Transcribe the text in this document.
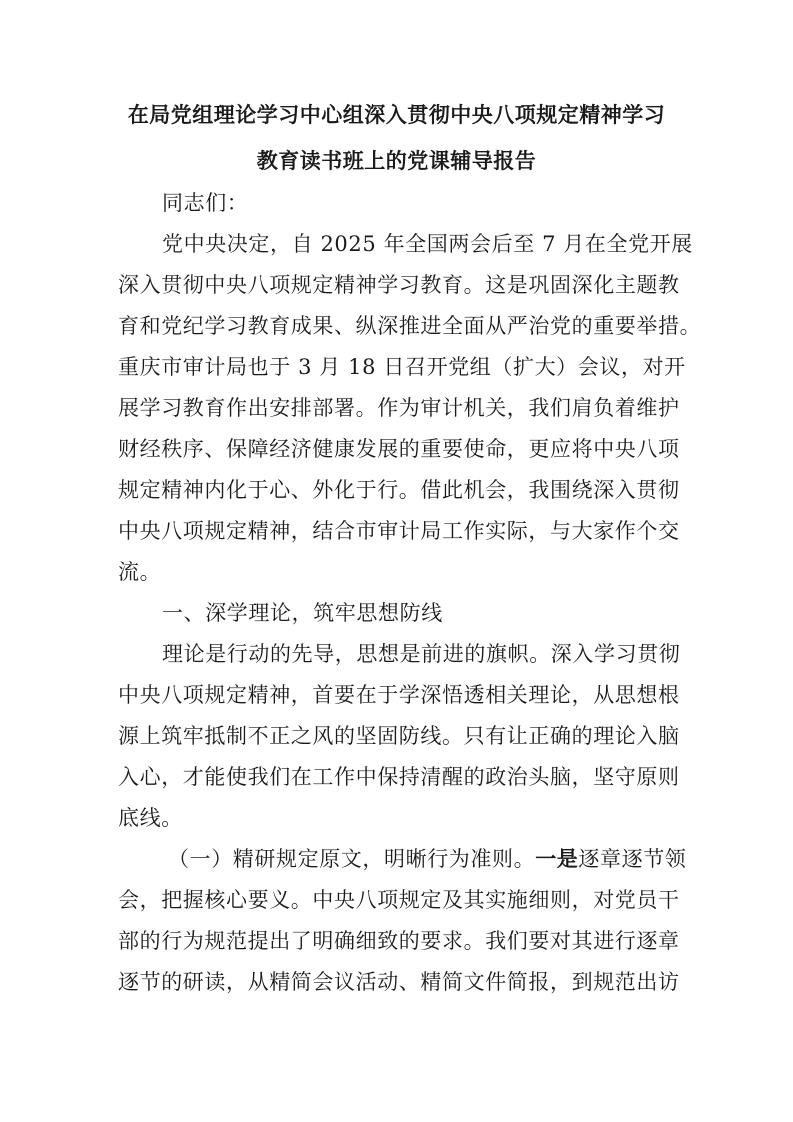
在局党组理论学习中心组深入贯彻中央八项规定精神学习
教育读书班上的党课辅导报告
同志们：
党中央决定，自 2025 年全国两会后至 7 月在全党开展
深入贯彻中央八项规定精神学习教育。这是巩固深化主题教
育和党纪学习教育成果、纵深推进全面从严治党的重要举措。
重庆市审计局也于 3 月 18 日召开党组（扩大）会议，对开
展学习教育作出安排部署。作为审计机关，我们肩负着维护
财经秩序、保障经济健康发展的重要使命，更应将中央八项
规定精神内化于心、外化于行。借此机会，我围绕深入贯彻
中央八项规定精神，结合市审计局工作实际，与大家作个交
流。
一、深学理论，筑牢思想防线
理论是行动的先导，思想是前进的旗帜。深入学习贯彻
中央八项规定精神，首要在于学深悟透相关理论，从思想根
源上筑牢抵制不正之风的坚固防线。只有让正确的理论入脑
入心，才能使我们在工作中保持清醒的政治头脑，坚守原则
底线。
（一）精研规定原文，明晰行为准则。一是逐章逐节领
会，把握核心要义。中央八项规定及其实施细则，对党员干
部的行为规范提出了明确细致的要求。我们要对其进行逐章
逐节的研读，从精简会议活动、精简文件简报，到规范出访
